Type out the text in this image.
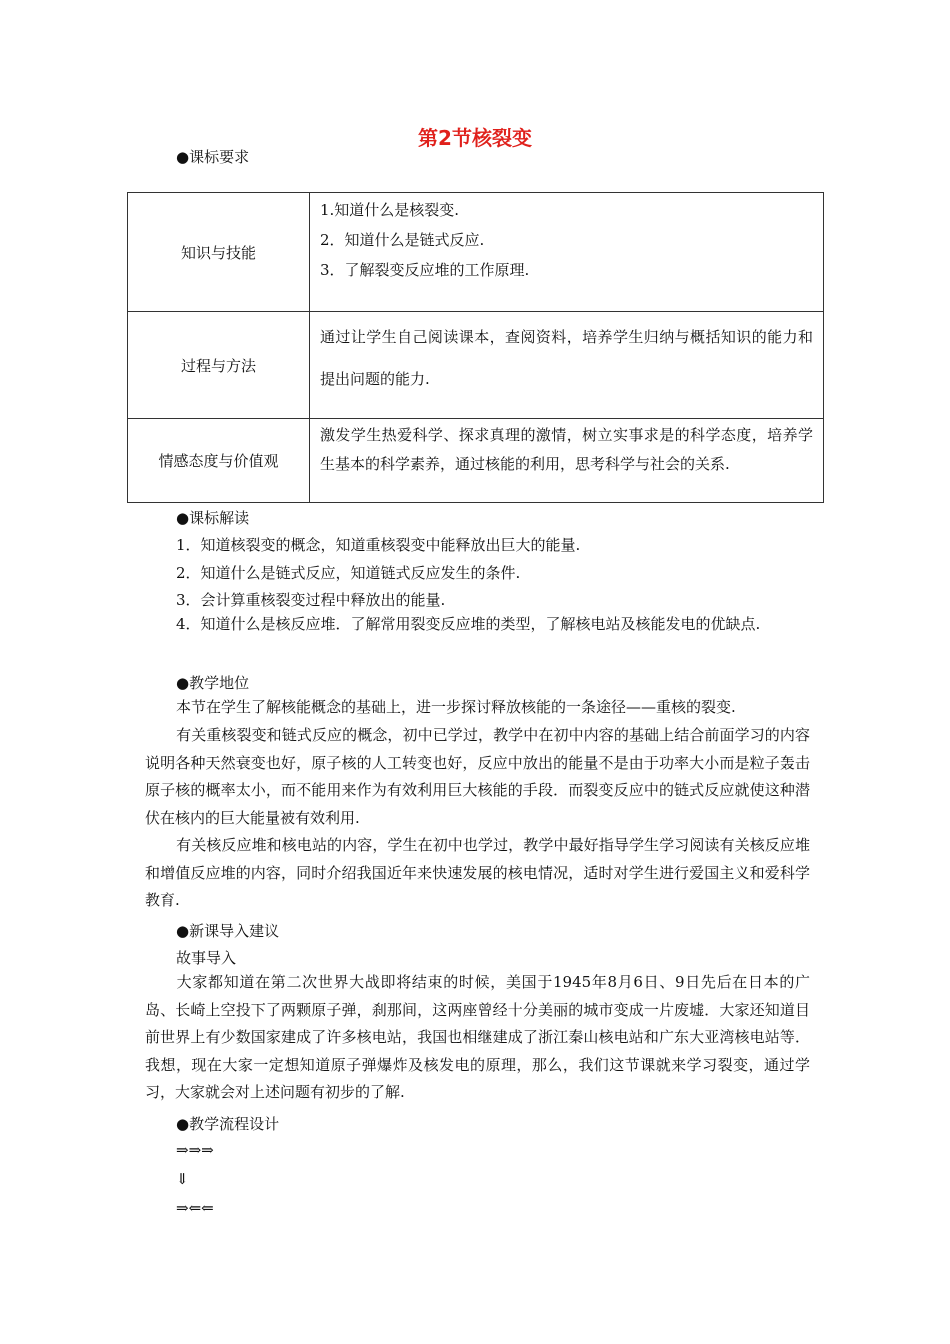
第2节核裂变
●课标要求
知识与技能	1.知道什么是核裂变.
2．知道什么是链式反应.
3．了解裂变反应堆的工作原理.

过程与方法	通过让学生自己阅读课本，查阅资料，培养学生归纳与概括知识的能力和提出问题的能力.

情感态度与价值观	激发学生热爱科学、探求真理的激情，树立实事求是的科学态度，培养学生基本的科学素养，通过核能的利用，思考科学与社会的关系.
●课标解读
1．知道核裂变的概念，知道重核裂变中能释放出巨大的能量.
2．知道什么是链式反应，知道链式反应发生的条件.
3．会计算重核裂变过程中释放出的能量.
4．知道什么是核反应堆．了解常用裂变反应堆的类型，了解核电站及核能发电的优缺点.
●教学地位
本节在学生了解核能概念的基础上，进一步探讨释放核能的一条途径——重核的裂变.
有关重核裂变和链式反应的概念，初中已学过，教学中在初中内容的基础上结合前面学习的内容说明各种天然衰变也好，原子核的人工转变也好，反应中放出的能量不是由于功率大小而是粒子轰击原子核的概率太小，而不能用来作为有效利用巨大核能的手段．而裂变反应中的链式反应就使这种潜伏在核内的巨大能量被有效利用.
有关核反应堆和核电站的内容，学生在初中也学过，教学中最好指导学生学习阅读有关核反应堆和增值反应堆的内容，同时介绍我国近年来快速发展的核电情况，适时对学生进行爱国主义和爱科学教育.
●新课导入建议
故事导入
大家都知道在第二次世界大战即将结束的时候，美国于1945年8月6日、9日先后在日本的广岛、长崎上空投下了两颗原子弹，刹那间，这两座曾经十分美丽的城市变成一片废墟．大家还知道目前世界上有少数国家建成了许多核电站，我国也相继建成了浙江秦山核电站和广东大亚湾核电站等．我想，现在大家一定想知道原子弹爆炸及核发电的原理，那么，我们这节课就来学习裂变，通过学习，大家就会对上述问题有初步的了解.
●教学流程设计
⇒⇒⇒
⇓
⇒⇐⇐
